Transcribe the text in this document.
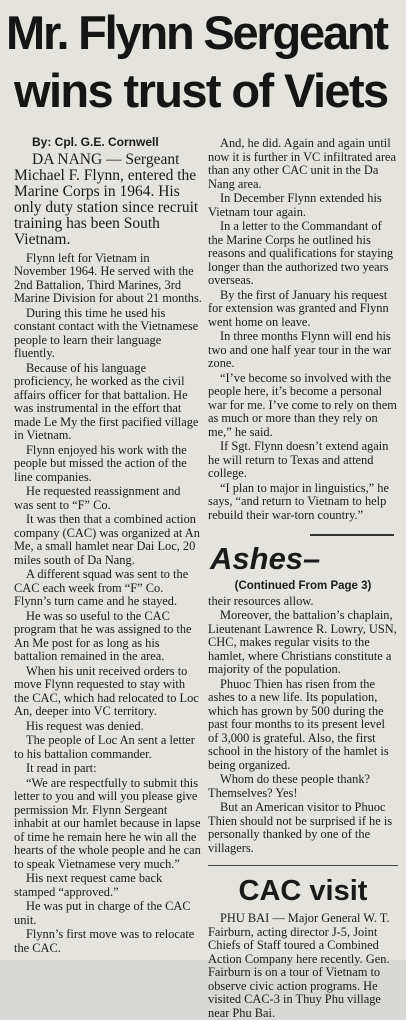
Mr. Flynn Sergeant
wins trust of Viets
By: Cpl. G.E. Cornwell

DA NANG — Sergeant Michael F. Flynn, entered the Marine Corps in 1964. His only duty station since recruit training has been South Vietnam.

Flynn left for Vietnam in November 1964. He served with the 2nd Battalion, Third Marines, 3rd Marine Division for about 21 months.

During this time he used his constant contact with the Vietnamese people to learn their language fluently.

Because of his language proficiency, he worked as the civil affairs officer for that battalion. He was instrumental in the effort that made Le My the first pacified village in Vietnam.

Flynn enjoyed his work with the people but missed the action of the line companies.

He requested reassignment and was sent to “F” Co.

It was then that a combined action company (CAC) was organized at An Me, a small hamlet near Dai Loc, 20 miles south of Da Nang.

A different squad was sent to the CAC each week from “F” Co. Flynn’s turn came and he stayed.

He was so useful to the CAC program that he was assigned to the An Me post for as long as his battalion remained in the area.

When his unit received orders to move Flynn requested to stay with the CAC, which had relocated to Loc An, deeper into VC territory.

His request was denied.

The people of Loc An sent a letter to his battalion commander.

It read in part:

“We are respectfully to submit this letter to you and will you please give permission Mr. Flynn Sergeant inhabit at our hamlet because in lapse of time he remain here he win all the hearts of the whole people and he can to speak Vietnamese very much.”

His next request came back stamped “approved.”

He was put in charge of the CAC unit.

Flynn’s first move was to relocate the CAC.

And, he did. Again and again until now it is further in VC infiltrated area than any other CAC unit in the Da Nang area.

In December Flynn extended his Vietnam tour again.

In a letter to the Commandant of the Marine Corps he outlined his reasons and qualifications for staying longer than the authorized two years overseas.

By the first of January his request for extension was granted and Flynn went home on leave.

In three months Flynn will end his two and one half year tour in the war zone.

“I’ve become so involved with the people here, it’s become a personal war for me. I’ve come to rely on them as much or more than they rely on me,” he said.

If Sgt. Flynn doesn’t extend again he will return to Texas and attend college.

“I plan to major in linguistics,” he says, “and return to Vietnam to help rebuild their war-torn country.”

Ashes–
(Continued From Page 3)

their resources allow.

Moreover, the battalion’s chaplain, Lieutenant Lawrence R. Lowry, USN, CHC, makes regular visits to the hamlet, where Christians constitute a majority of the population.

Phuoc Thien has risen from the ashes to a new life. Its population, which has grown by 500 during the past four months to its present level of 3,000 is grateful. Also, the first school in the history of the hamlet is being organized.

Whom do these people thank? Themselves? Yes!

But an American visitor to Phuoc Thien should not be surprised if he is personally thanked by one of the villagers.

CAC visit

PHU BAI — Major General W. T. Fairburn, acting director J-5, Joint Chiefs of Staff toured a Combined Action Company here recently. Gen. Fairburn is on a tour of Vietnam to observe civic action programs. He visited CAC-3 in Thuy Phu village near Phu Bai.
